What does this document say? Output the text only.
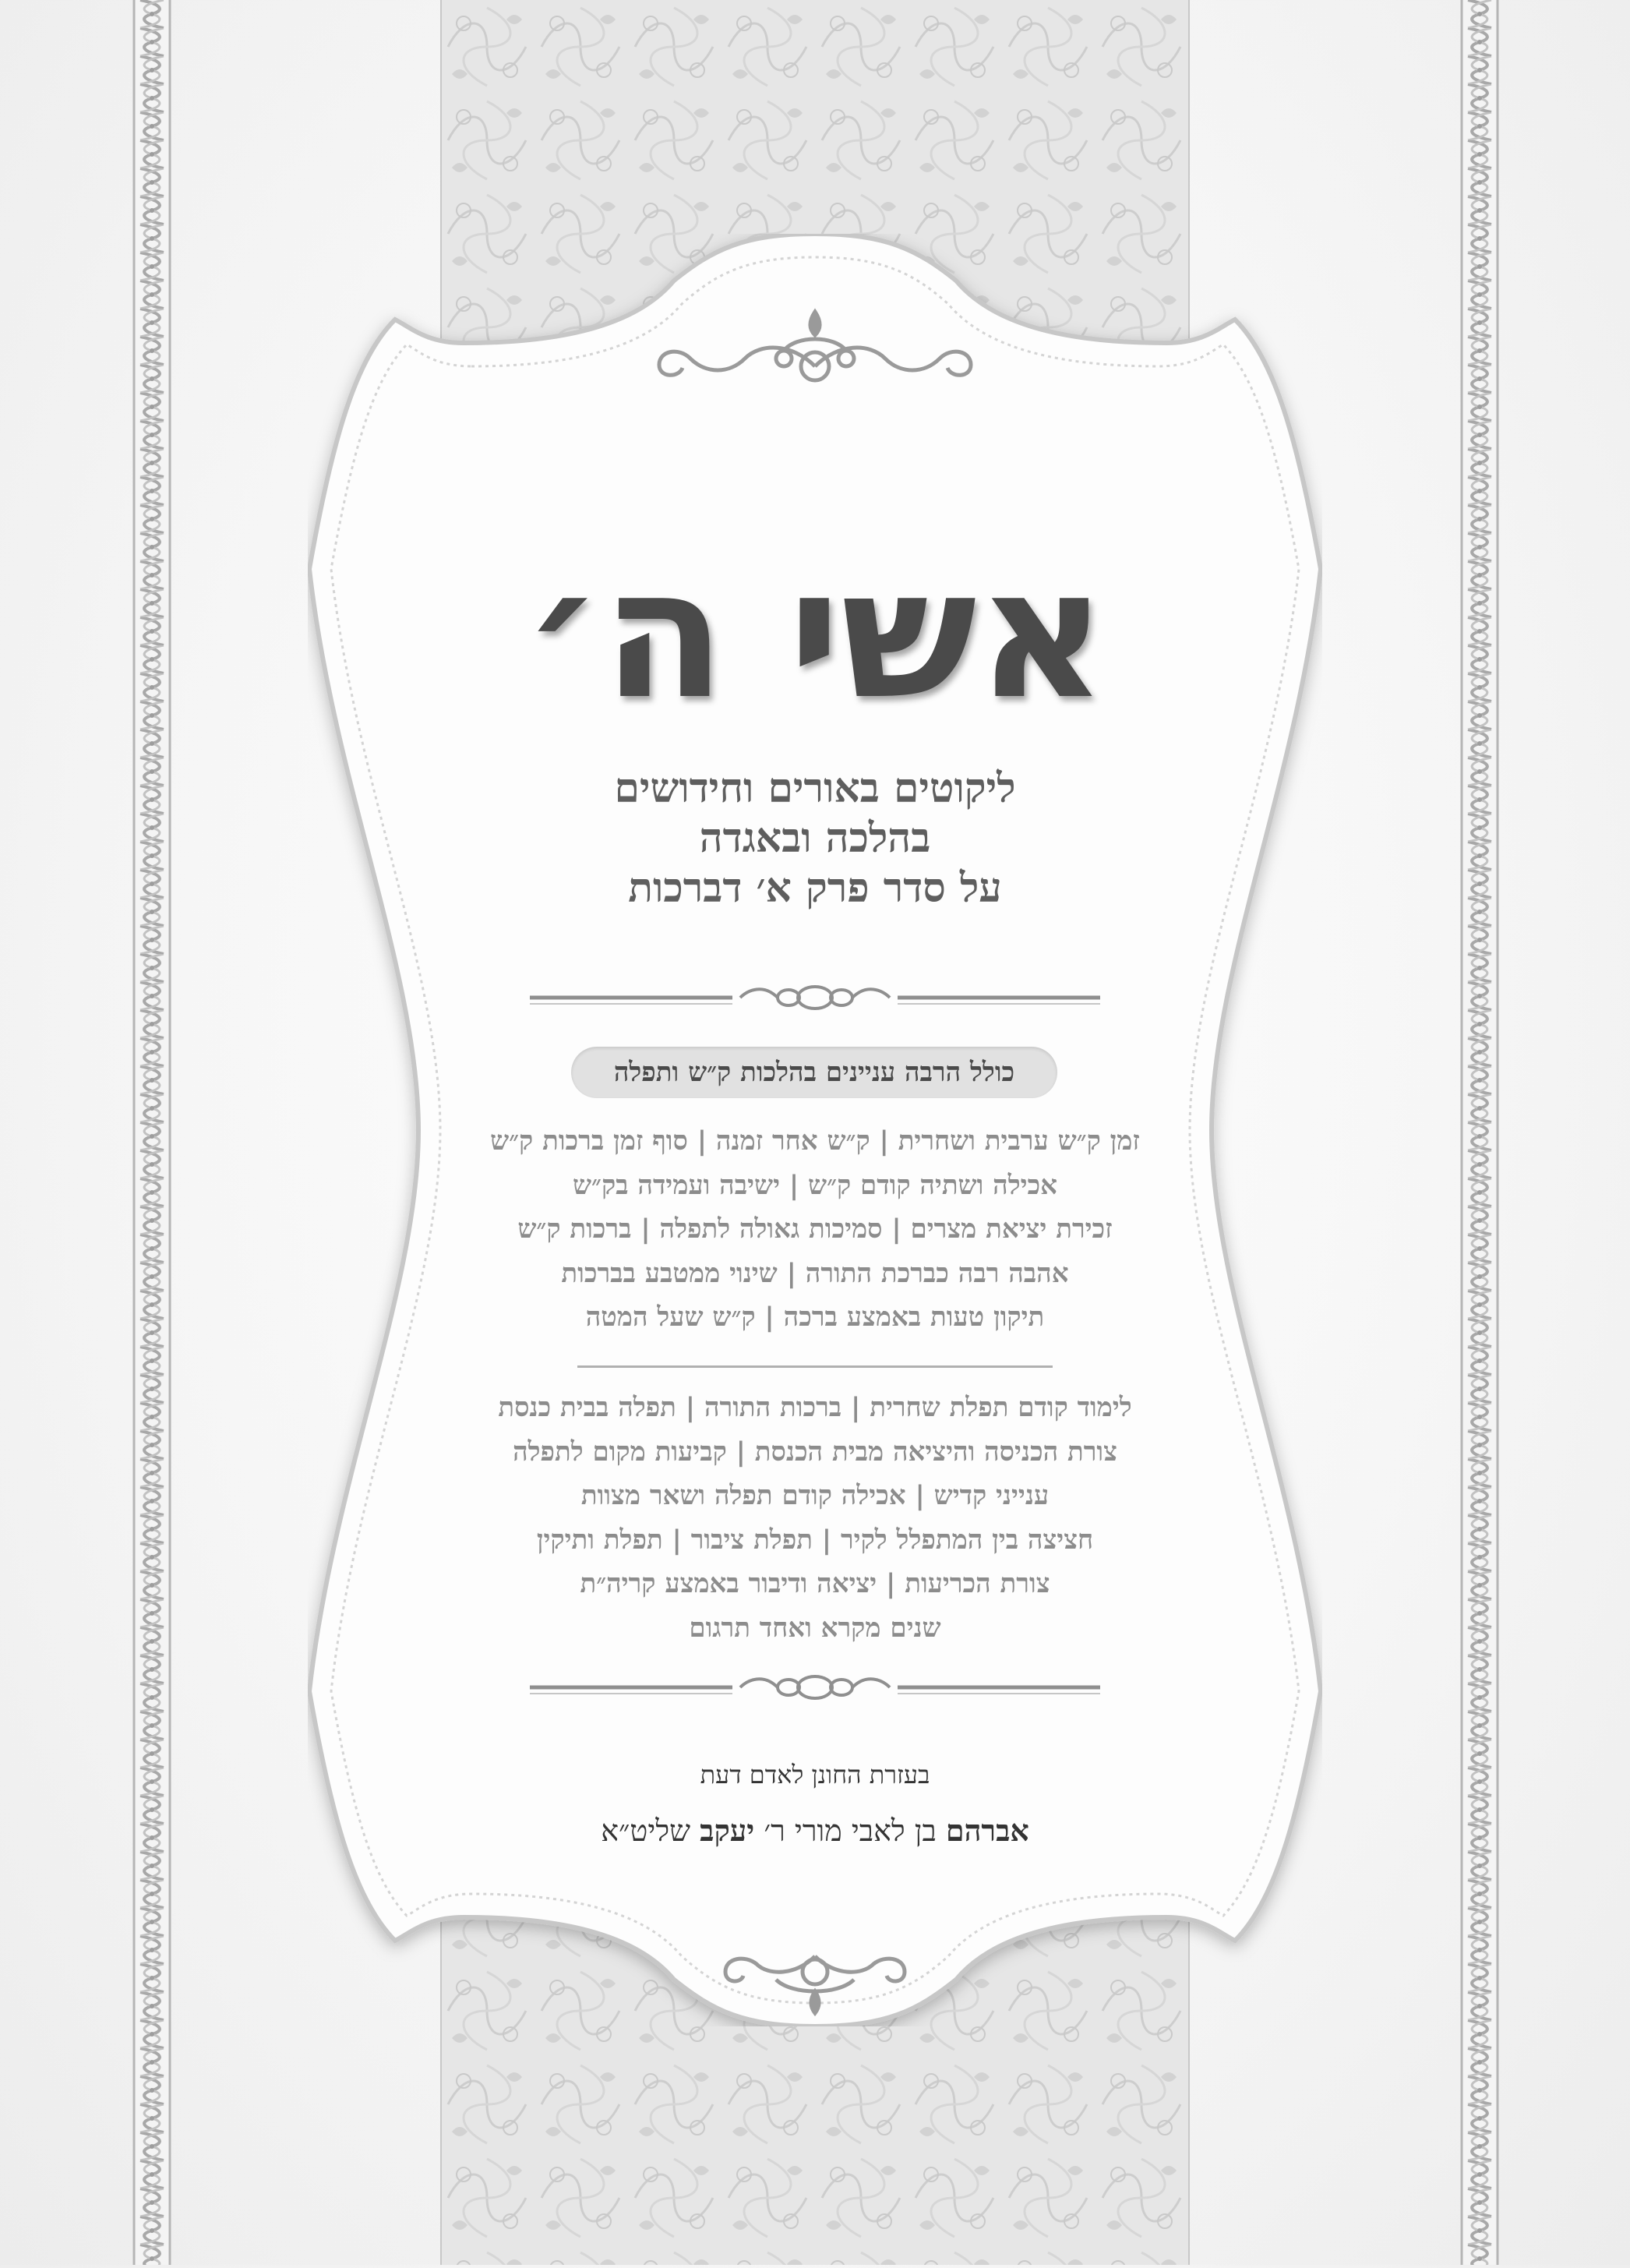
אשי ה׳
ליקוטים באורים וחידושים
בהלכה ובאגדה
על סדר פרק א׳ דברכות
כולל הרבה עניינים בהלכות ק״ש ותפלה
זמן ק״ש ערבית ושחרית | ק״ש אחר זמנה | סוף זמן ברכות ק״ש
אכילה ושתיה קודם ק״ש | ישיבה ועמידה בק״ש
זכירת יציאת מצרים | סמיכות גאולה לתפלה | ברכות ק״ש
אהבה רבה כברכת התורה | שינוי ממטבע בברכות
תיקון טעות באמצע ברכה | ק״ש שעל המטה
לימוד קודם תפלת שחרית | ברכות התורה | תפלה בבית כנסת
צורת הכניסה והיציאה מבית הכנסת | קביעות מקום לתפלה
ענייני קדיש | אכילה קודם תפלה ושאר מצוות
חציצה בין המתפלל לקיר | תפלת ציבור | תפלת ותיקין
צורת הכריעות | יציאה ודיבור באמצע קריה״ת
שנים מקרא ואחד תרגום
בעזרת החונן לאדם דעת
אברהם בן לאבי מורי ר׳ יעקב שליט״א
